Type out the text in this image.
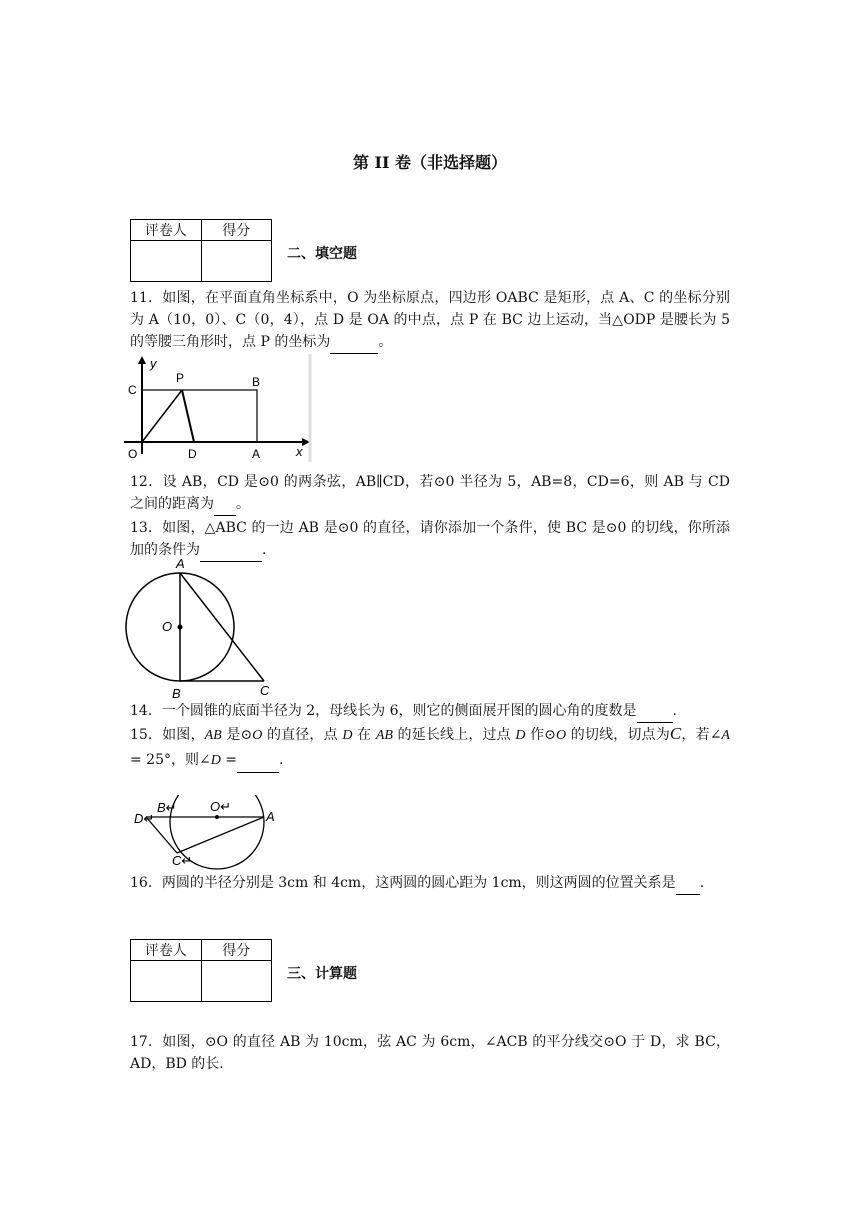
第 II 卷（非选择题）
评卷人	得分

二、填空题
11．如图，在平面直角坐标系中，O 为坐标原点，四边形 OABC 是矩形，点 A、C 的坐标分别为 A（10，0）、C（0，4），点 D 是 OA 的中点，点 P 在 BC 边上运动，当△ODP 是腰长为 5 的等腰三角形时，点 P 的坐标为	。
y
x
C
P	B
O	D	A
12．设 AB，CD 是⊙0 的两条弦，AB∥CD，若⊙0 半径为 5，AB=8，CD=6，则 AB 与 CD 之间的距离为 。
13．如图，△ABC 的一边 AB 是⊙0 的直径，请你添加一个条件，使 BC 是⊙0 的切线，你所添加的条件为	.
A
O
B	C
14．一个圆锥的底面半径为 2，母线长为 6，则它的侧面展开图的圆心角的度数是	.
15．如图，AB 是⊙O 的直径，点 D 在 AB 的延长线上，过点 D 作⊙O 的切线，切点为C，若∠A = 25°，则∠D =	.
B↵	O↵
D↵	A
C↵
16．两圆的半径分别是 3cm 和 4cm，这两圆的圆心距为 1cm，则这两圆的位置关系是 .
评卷人	得分

三、计算题
17．如图，⊙O 的直径 AB 为 10cm，弦 AC 为 6cm，∠ACB 的平分线交⊙O 于 D，求 BC，AD，BD 的长.
